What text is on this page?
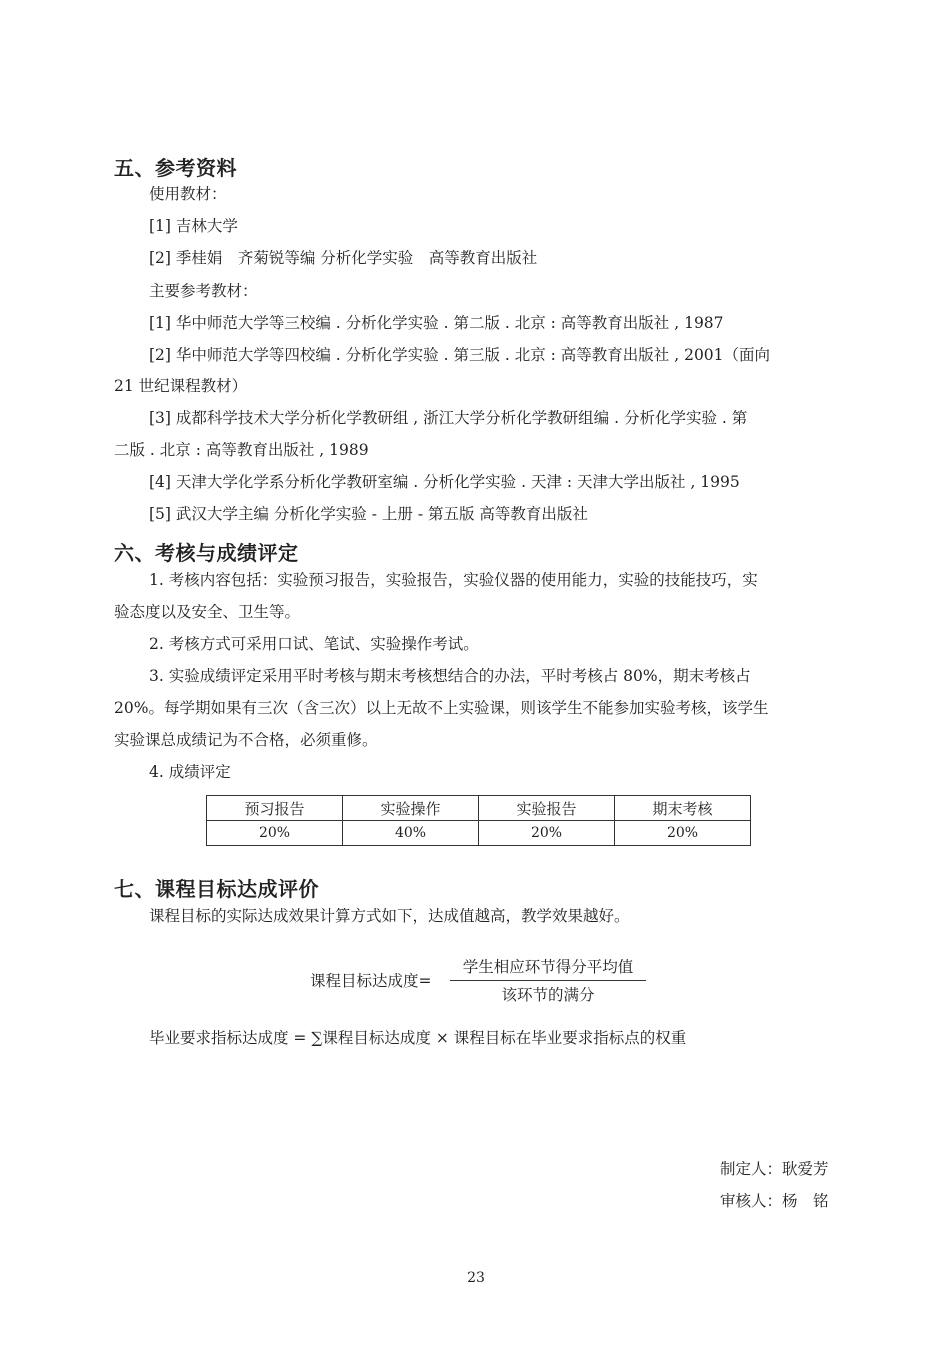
五、参考资料
使用教材：
[1] 吉林大学
[2] 季桂娟　齐菊锐等编 分析化学实验　高等教育出版社
主要参考教材：
[1] 华中师范大学等三校编 . 分析化学实验 . 第二版 . 北京 : 高等教育出版社 , 1987
[2] 华中师范大学等四校编 . 分析化学实验 . 第三版 . 北京 : 高等教育出版社 , 2001（面向
21 世纪课程教材）
[3] 成都科学技术大学分析化学教研组 , 浙江大学分析化学教研组编 . 分析化学实验 . 第
二版 . 北京 : 高等教育出版社 , 1989
[4] 天津大学化学系分析化学教研室编 . 分析化学实验 . 天津 : 天津大学出版社 , 1995
[5] 武汉大学主编 分析化学实验 - 上册 - 第五版 高等教育出版社
六、考核与成绩评定
1. 考核内容包括：实验预习报告，实验报告，实验仪器的使用能力，实验的技能技巧，实
验态度以及安全、卫生等。
2. 考核方式可采用口试、笔试、实验操作考试。
3. 实验成绩评定采用平时考核与期末考核想结合的办法，平时考核占 80%，期末考核占
20%。每学期如果有三次（含三次）以上无故不上实验课，则该学生不能参加实验考核，该学生
实验课总成绩记为不合格，必须重修。
4. 成绩评定
预习报告	实验操作	实验报告	期末考核
20%	40%	20%	20%
七、课程目标达成评价
课程目标的实际达成效果计算方式如下，达成值越高，教学效果越好。
课程目标达成度=
学生相应环节得分平均值
该环节的满分
毕业要求指标达成度 = ∑课程目标达成度 × 课程目标在毕业要求指标点的权重
制定人：耿爱芳
审核人：杨　铭
23
